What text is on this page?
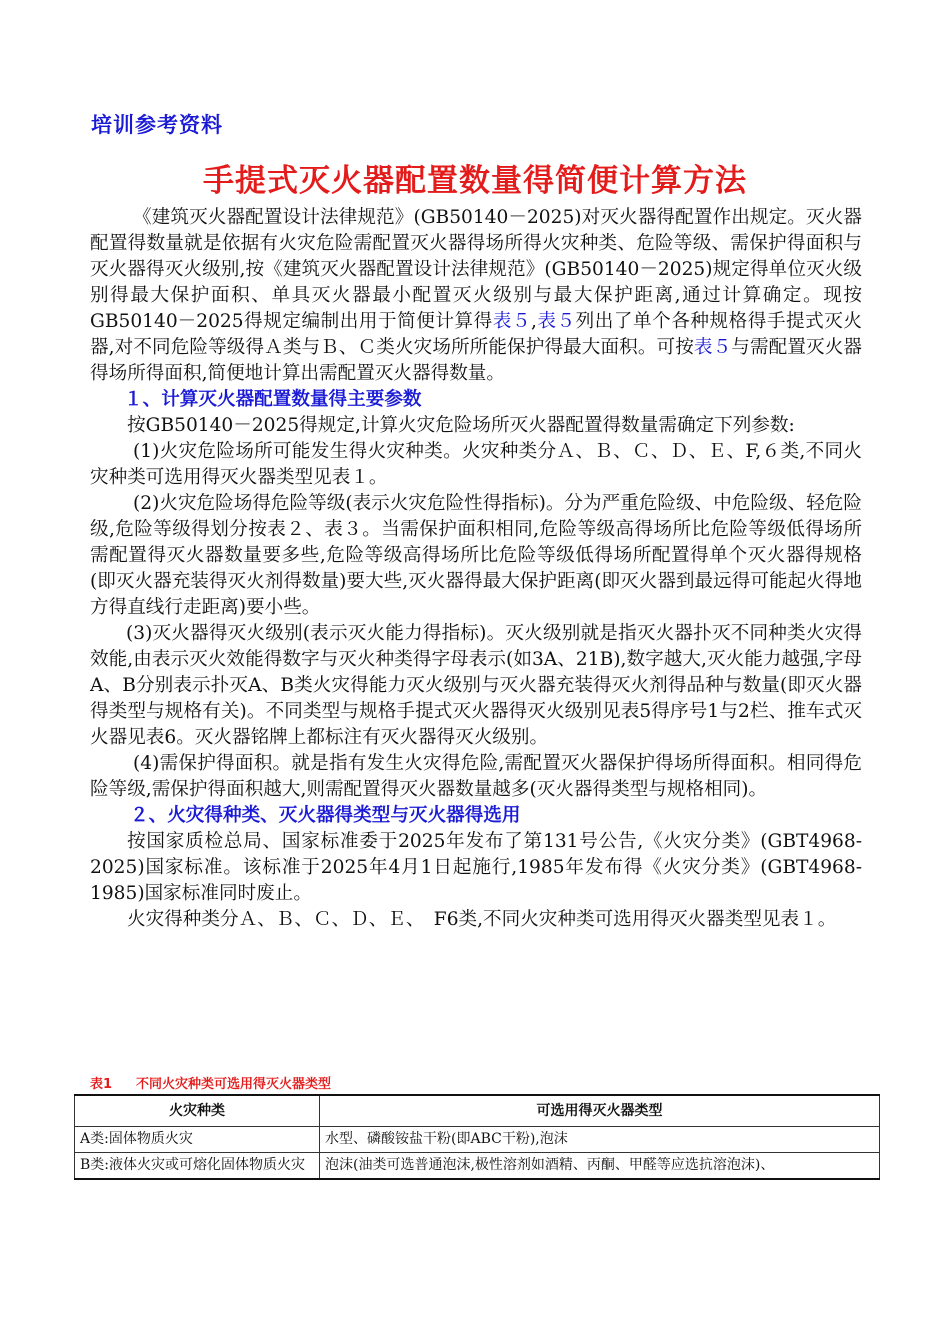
培训参考资料
手提式灭火器配置数量得简便计算方法

《建筑灭火器配置设计法律规范》(GB50140－2025)对灭火器得配置作出规定。灭火器配置得数量就是依据有火灾危险需配置灭火器得场所得火灾种类、危险等级、需保护得面积与灭火器得灭火级别,按《建筑灭火器配置设计法律规范》(GB50140－2025)规定得单位灭火级别得最大保护面积、单具灭火器最小配置灭火级别与最大保护距离,通过计算确定。现按GB50140－2025得规定编制出用于简便计算得表５,表５列出了单个各种规格得手提式灭火器,对不同危险等级得Ａ类与Ｂ、Ｃ类火灾场所所能保护得最大面积。可按表５与需配置灭火器得场所得面积,简便地计算出需配置灭火器得数量。

１、计算灭火器配置数量得主要参数

按GB50140－2025得规定,计算火灾危险场所灭火器配置得数量需确定下列参数:

(1)火灾危险场所可能发生得火灾种类。火灾种类分Ａ、Ｂ、Ｃ、Ｄ、Ｅ、F,６类,不同火灾种类可选用得灭火器类型见表１。

(2)火灾危险场得危险等级(表示火灾危险性得指标)。分为严重危险级、中危险级、轻危险级,危险等级得划分按表２、表３。当需保护面积相同,危险等级高得场所比危险等级低得场所需配置得灭火器数量要多些,危险等级高得场所比危险等级低得场所配置得单个灭火器得规格(即灭火器充装得灭火剂得数量)要大些,灭火器得最大保护距离(即灭火器到最远得可能起火得地方得直线行走距离)要小些。

(3)灭火器得灭火级别(表示灭火能力得指标)。灭火级别就是指灭火器扑灭不同种类火灾得效能,由表示灭火效能得数字与灭火种类得字母表示(如3A、21B),数字越大,灭火能力越强,字母A、B分别表示扑灭A、B类火灾得能力灭火级别与灭火器充装得灭火剂得品种与数量(即灭火器得类型与规格有关)。不同类型与规格手提式灭火器得灭火级别见表5得序号1与2栏、推车式灭火器见表6。灭火器铭牌上都标注有灭火器得灭火级别。

(4)需保护得面积。就是指有发生火灾得危险,需配置灭火器保护得场所得面积。相同得危险等级,需保护得面积越大,则需配置得灭火器数量越多(灭火器得类型与规格相同)。

２、火灾得种类、灭火器得类型与灭火器得选用

按国家质检总局、国家标准委于2025年发布了第131号公告,《火灾分类》(GBT4968-2025)国家标准。该标准于2025年4月1日起施行,1985年发布得《火灾分类》(GBT4968-1985)国家标准同时废止。

火灾得种类分Ａ、Ｂ、Ｃ、Ｄ、Ｅ、　F6类,不同火灾种类可选用得灭火器类型见表１。

表1 不同火灾种类可选用得灭火器类型
火灾种类	可选用得灭火器类型
A类:固体物质火灾	水型、磷酸铵盐干粉(即ABC干粉),泡沫
B类:液体火灾或可熔化固体物质火灾	泡沫(油类可选普通泡沫,极性溶剂如酒精、丙酮、甲醛等应选抗溶泡沫)、
